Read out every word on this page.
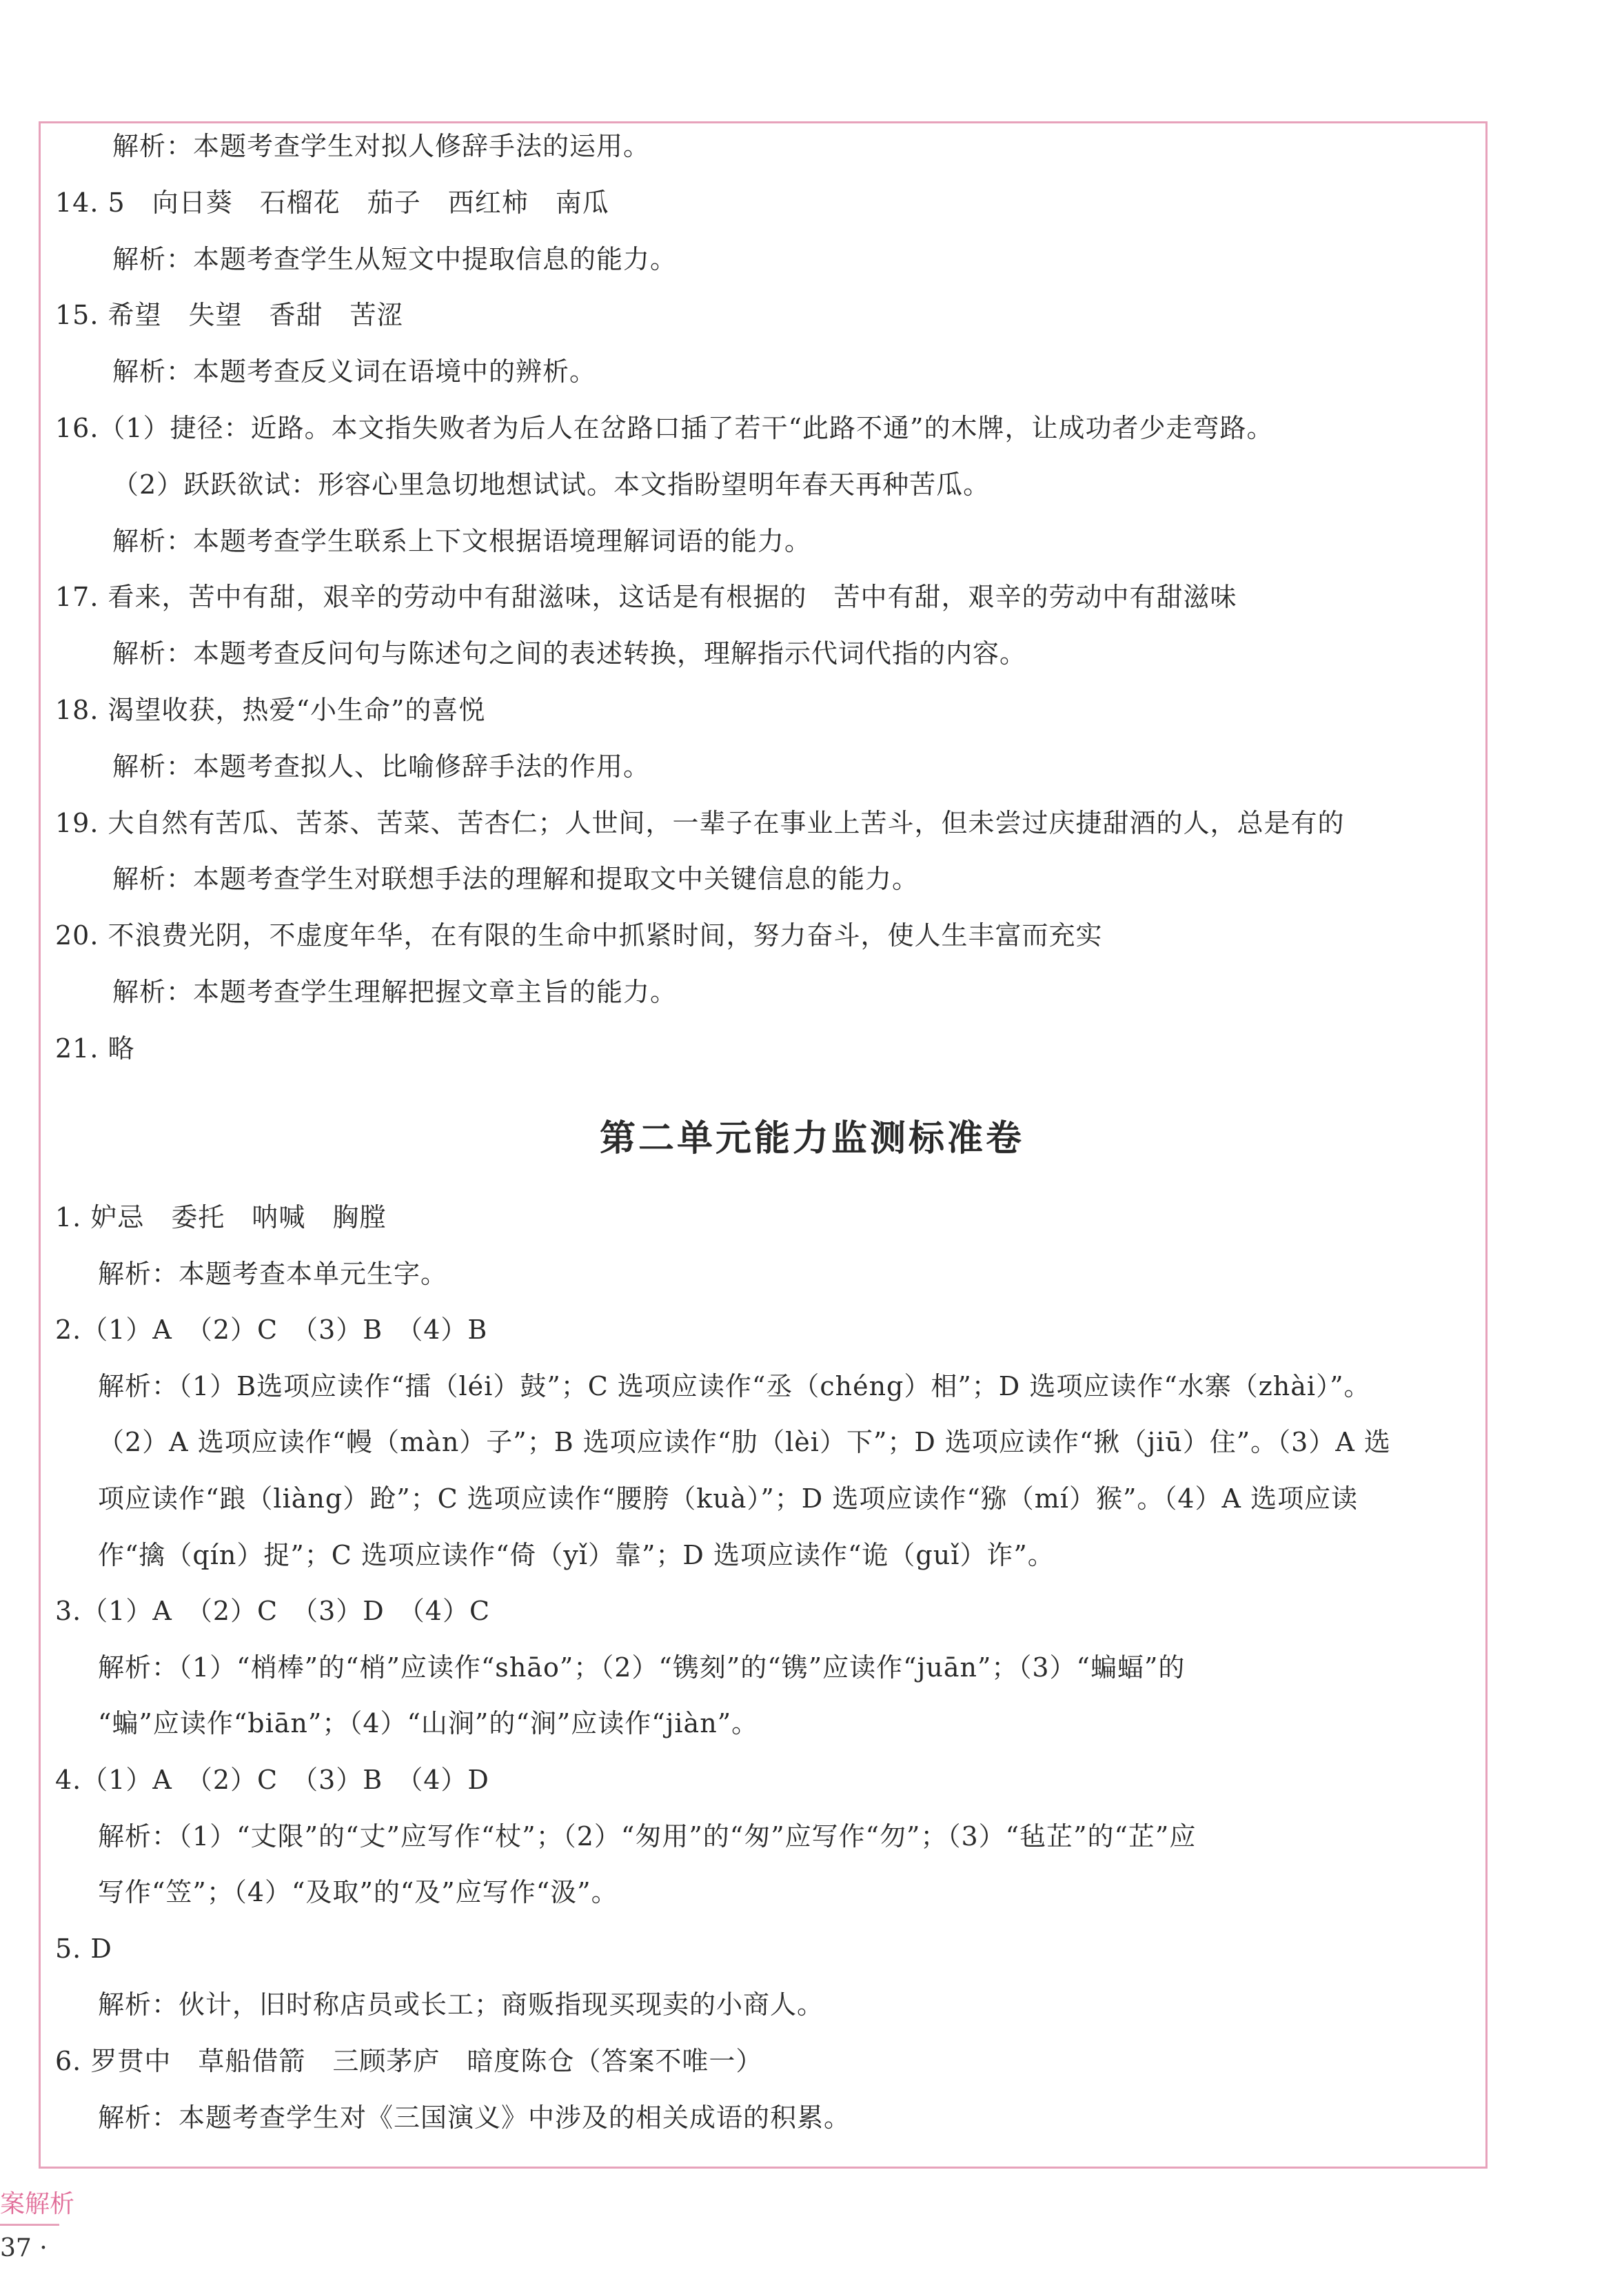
解析：本题考查学生对拟人修辞手法的运用。
14. 5　向日葵　石榴花　茄子　西红柿　南瓜
解析：本题考查学生从短文中提取信息的能力。
15. 希望　失望　香甜　苦涩
解析：本题考查反义词在语境中的辨析。
16.（1）捷径：近路。本文指失败者为后人在岔路口插了若干“此路不通”的木牌，让成功者少走弯路。
（2）跃跃欲试：形容心里急切地想试试。本文指盼望明年春天再种苦瓜。
解析：本题考查学生联系上下文根据语境理解词语的能力。
17. 看来，苦中有甜，艰辛的劳动中有甜滋味，这话是有根据的　苦中有甜，艰辛的劳动中有甜滋味
解析：本题考查反问句与陈述句之间的表述转换，理解指示代词代指的内容。
18. 渴望收获，热爱“小生命”的喜悦
解析：本题考查拟人、比喻修辞手法的作用。
19. 大自然有苦瓜、苦茶、苦菜、苦杏仁；人世间，一辈子在事业上苦斗，但未尝过庆捷甜酒的人，总是有的
解析：本题考查学生对联想手法的理解和提取文中关键信息的能力。
20. 不浪费光阴，不虚度年华，在有限的生命中抓紧时间，努力奋斗，使人生丰富而充实
解析：本题考查学生理解把握文章主旨的能力。
21. 略
第二单元能力监测标准卷
1. 妒忌　委托　呐喊　胸膛
解析：本题考查本单元生字。
2.（1）A　（2）C　（3）B　（4）B
解析：（1）B选项应读作“擂（léi）鼓”；C 选项应读作“丞（chéng）相”；D 选项应读作“水寨（zhài）”。
（2）A 选项应读作“幔（màn）子”；B 选项应读作“肋（lèi）下”；D 选项应读作“揪（jiū）住”。（3）A 选
项应读作“踉（liàng）跄”；C 选项应读作“腰胯（kuà）”；D 选项应读作“猕（mí）猴”。（4）A 选项应读
作“擒（qín）捉”；C 选项应读作“倚（yǐ）靠”；D 选项应读作“诡（guǐ）诈”。
3.（1）A　（2）C　（3）D　（4）C
解析：（1）“梢棒”的“梢”应读作“shāo”；（2）“镌刻”的“镌”应读作“juān”；（3）“蝙蝠”的
“蝙”应读作“biān”；（4）“山涧”的“涧”应读作“jiàn”。
4.（1）A　（2）C　（3）B　（4）D
解析：（1）“丈限”的“丈”应写作“杖”；（2）“匆用”的“匆”应写作“勿”；（3）“毡芷”的“芷”应
写作“笠”；（4）“及取”的“及”应写作“汲”。
5. D
解析：伙计，旧时称店员或长工；商贩指现买现卖的小商人。
6. 罗贯中　草船借箭　三顾茅庐　暗度陈仓（答案不唯一）
解析：本题考查学生对《三国演义》中涉及的相关成语的积累。
案解析
37 ·
